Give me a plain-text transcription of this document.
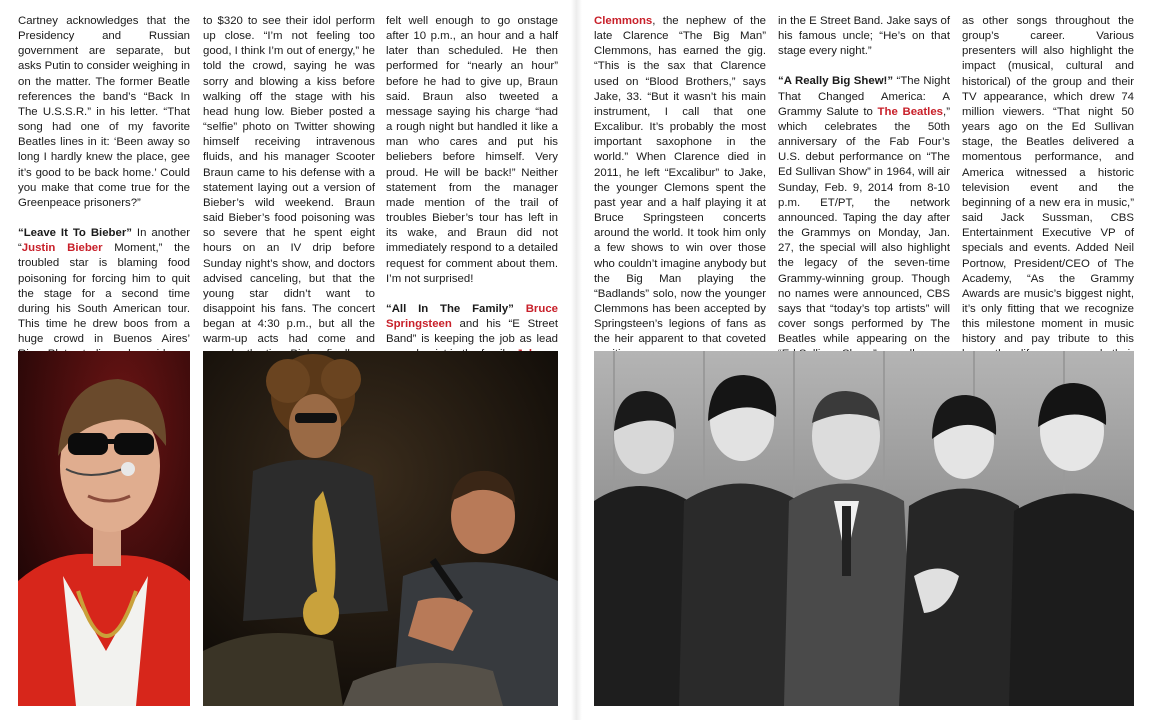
Cartney acknowledges that the Presidency and Russian government are separate, but asks Putin to consider weighing in on the matter. The former Beatle references the band’s “Back In The U.S.S.R.” in his letter. “That song had one of my favorite Beatles lines in it: ‘Been away so long I hardly knew the place, gee it’s good to be back home.’ Could you make that come true for the Greenpeace prisoners?”

“Leave It To Bieber” In another “Justin Bieber Moment,” the troubled star is blaming food poisoning for forcing him to quit the stage for a second time during his South American tour. This time he drew boos from a huge crowd in Buenos Aires’

to $320 to see their idol perform up close. “I’m not feeling too good, I think I’m out of energy,” he told the crowd, saying he was sorry and blowing a kiss before walking off the stage with his head hung low. Bieber posted a “selfie” photo on Twitter showing himself receiving intravenous fluids, and his manager Scooter Braun came to his defense with a statement laying out a version of Bieber’s wild weekend. Braun said Bieber’s food poisoning was so severe that he spent eight hours on an IV drip before Sunday night’s show, and doctors advised canceling, but that the young star didn’t want to disappoint his fans. The concert began at 4:30 p.m., but all the warm-up acts had come and

felt well enough to go onstage after 10 p.m., an hour and a half later than scheduled. He then performed for “nearly an hour” before he had to give up, Braun said. Braun also tweeted a message saying his charge “had a rough night but handled it like a man who cares and put his beliebers before himself. Very proud. He will be back!” Neither statement from the manager made mention of the trail of troubles Bieber’s tour has left in its wake, and Braun did not immediately respond to a detailed request for comment about them. I’m not surprised!

“All In The Family” Bruce Springsteen and his “E Street Band” is keeping the job as lead

Clemmons, the nephew of the late Clarence “The Big Man” Clemmons, has earned the gig. “This is the sax that Clarence used on “Blood Brothers,” says Jake, 33. “But it wasn’t his main instrument, I call that one Excalibur. It’s probably the most important saxophone in the world.” When Clarence died in 2011, he left “Excalibur” to Jake, the younger Clemons spent the past year and a half playing it at Bruce Springsteen concerts around the world. It took him only a few shows to win over those who couldn’t imagine anybody but the Big Man playing the “Badlands” solo, now the younger Clemmons has been accepted by Springsteen’s legions of fans as the heir apparent to that coveted

in the E Street Band. Jake says of his famous uncle; “He’s on that stage every night.”

“A Really Big Shew!” “The Night That Changed America: A Grammy Salute to The Beatles,” which celebrates the 50th anniversary of the Fab Four’s U.S. debut performance on “The Ed Sullivan Show” in 1964, will air Sunday, Feb. 9, 2014 from 8-10 p.m. ET/PT, the network announced. Taping the day after the Grammys on Monday, Jan. 27, the special will also highlight the legacy of the seven-time Grammy-winning group. Though no names were announced, CBS says that “today’s top artists” will cover songs performed by The Beatles while appearing on the

as other songs throughout the group’s career. Various presenters will also highlight the impact (musical, cultural and historical) of the group and their TV appearance, which drew 74 million viewers. “That night 50 years ago on the Ed Sullivan stage, the Beatles delivered a momentous performance, and America witnessed a historic television event and the beginning of a new era in music,” said Jack Sussman, CBS Entertainment Executive VP of specials and events. Added Neil Portnow, President/CEO of The Academy, “As the Grammy Awards are music’s biggest night, it’s only fitting that we recognize this milestone moment in music history and pay tribute to this
